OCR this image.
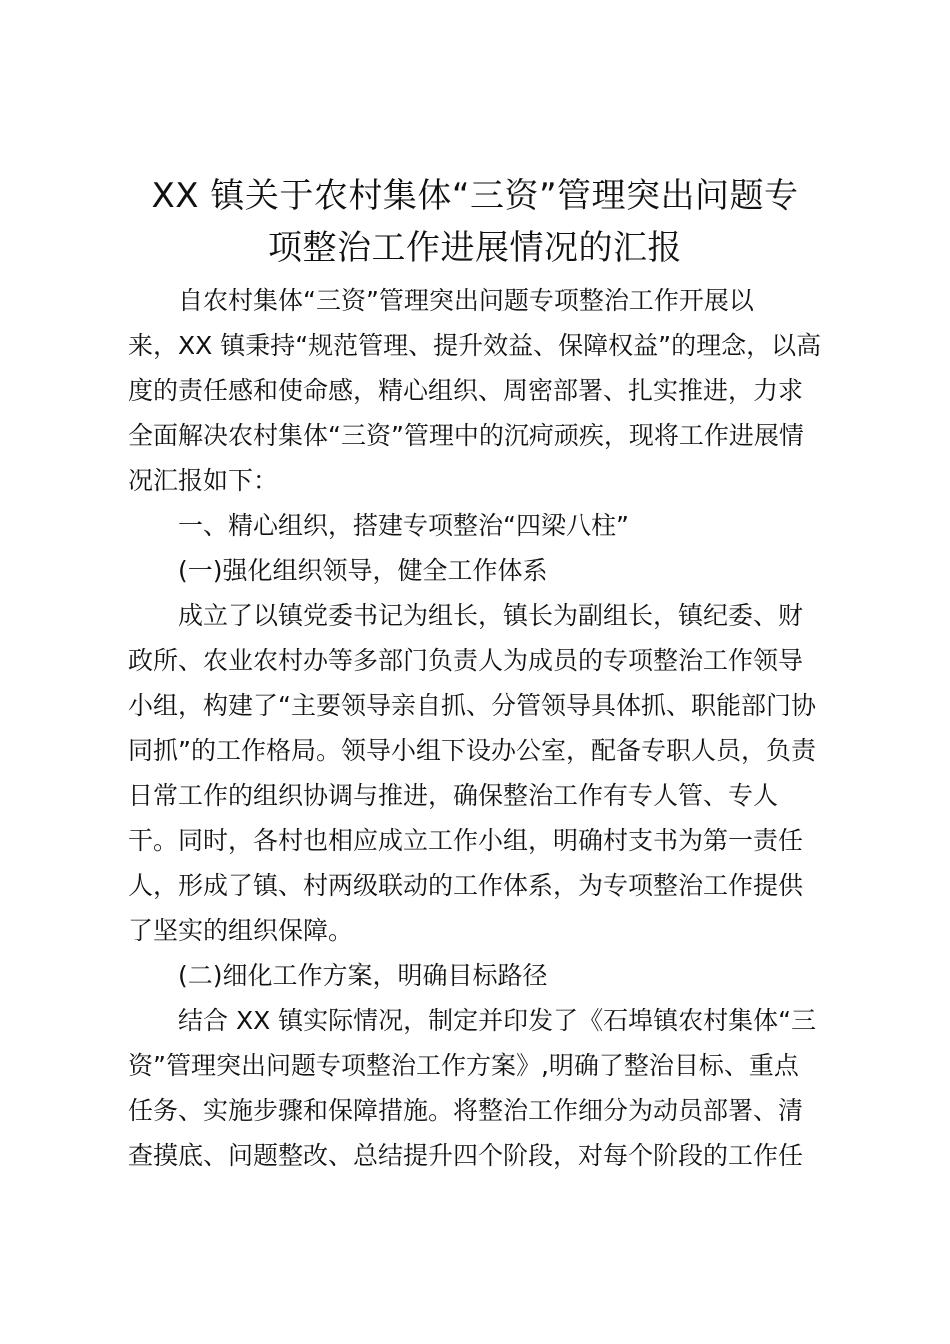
XX 镇关于农村集体“三资”管理突出问题专
项整治工作进展情况的汇报
自农村集体“三资”管理突出问题专项整治工作开展以
来，XX 镇秉持“规范管理、提升效益、保障权益”的理念，以高
度的责任感和使命感，精心组织、周密部署、扎实推进，力求
全面解决农村集体“三资”管理中的沉疴顽疾，现将工作进展情
况汇报如下：
一、精心组织，搭建专项整治“四梁八柱”
(一)强化组织领导，健全工作体系
成立了以镇党委书记为组长，镇长为副组长，镇纪委、财
政所、农业农村办等多部门负责人为成员的专项整治工作领导
小组，构建了“主要领导亲自抓、分管领导具体抓、职能部门协
同抓”的工作格局。领导小组下设办公室，配备专职人员，负责
日常工作的组织协调与推进，确保整治工作有专人管、专人
干。同时，各村也相应成立工作小组，明确村支书为第一责任
人，形成了镇、村两级联动的工作体系，为专项整治工作提供
了坚实的组织保障。
(二)细化工作方案，明确目标路径
结合 XX 镇实际情况，制定并印发了《石埠镇农村集体“三
资”管理突出问题专项整治工作方案》,明确了整治目标、重点
任务、实施步骤和保障措施。将整治工作细分为动员部署、清
查摸底、问题整改、总结提升四个阶段，对每个阶段的工作任
